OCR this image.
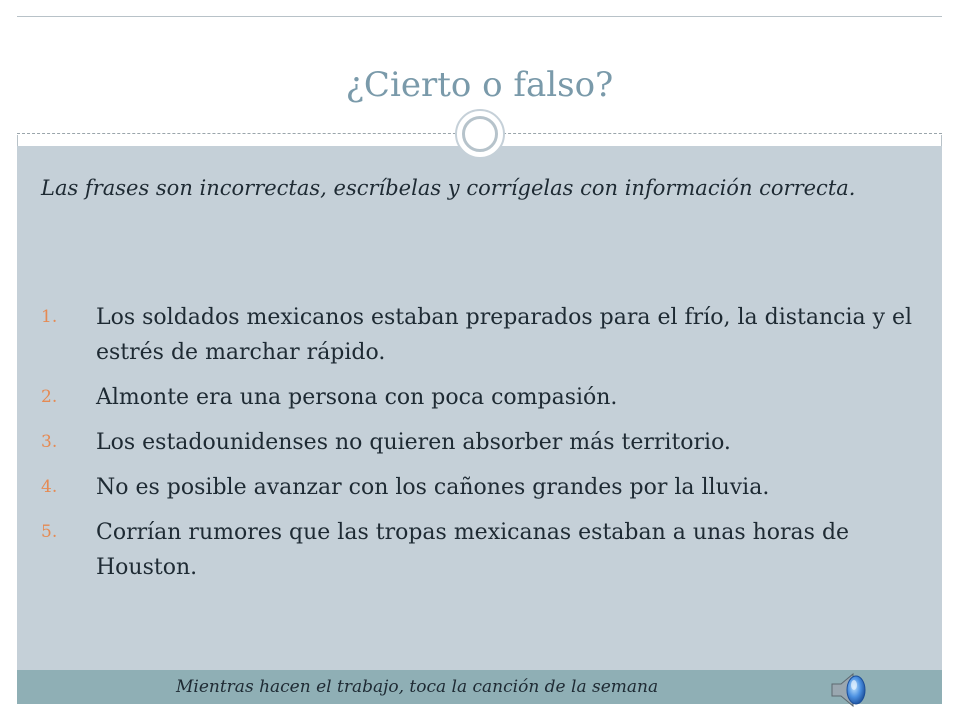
¿Cierto o falso?
Las frases son incorrectas, escríbelas y corrígelas con información correcta.
1. Los soldados mexicanos estaban preparados para el frío, la distancia y el estrés de marchar rápido.
2. Almonte era una persona con poca compasión.
3. Los estadounidenses no quieren absorber más territorio.
4. No es posible avanzar con los cañones grandes por la lluvia.
5. Corrían rumores que las tropas mexicanas estaban a unas horas de Houston.
Mientras hacen el trabajo, toca la canción de la semana
